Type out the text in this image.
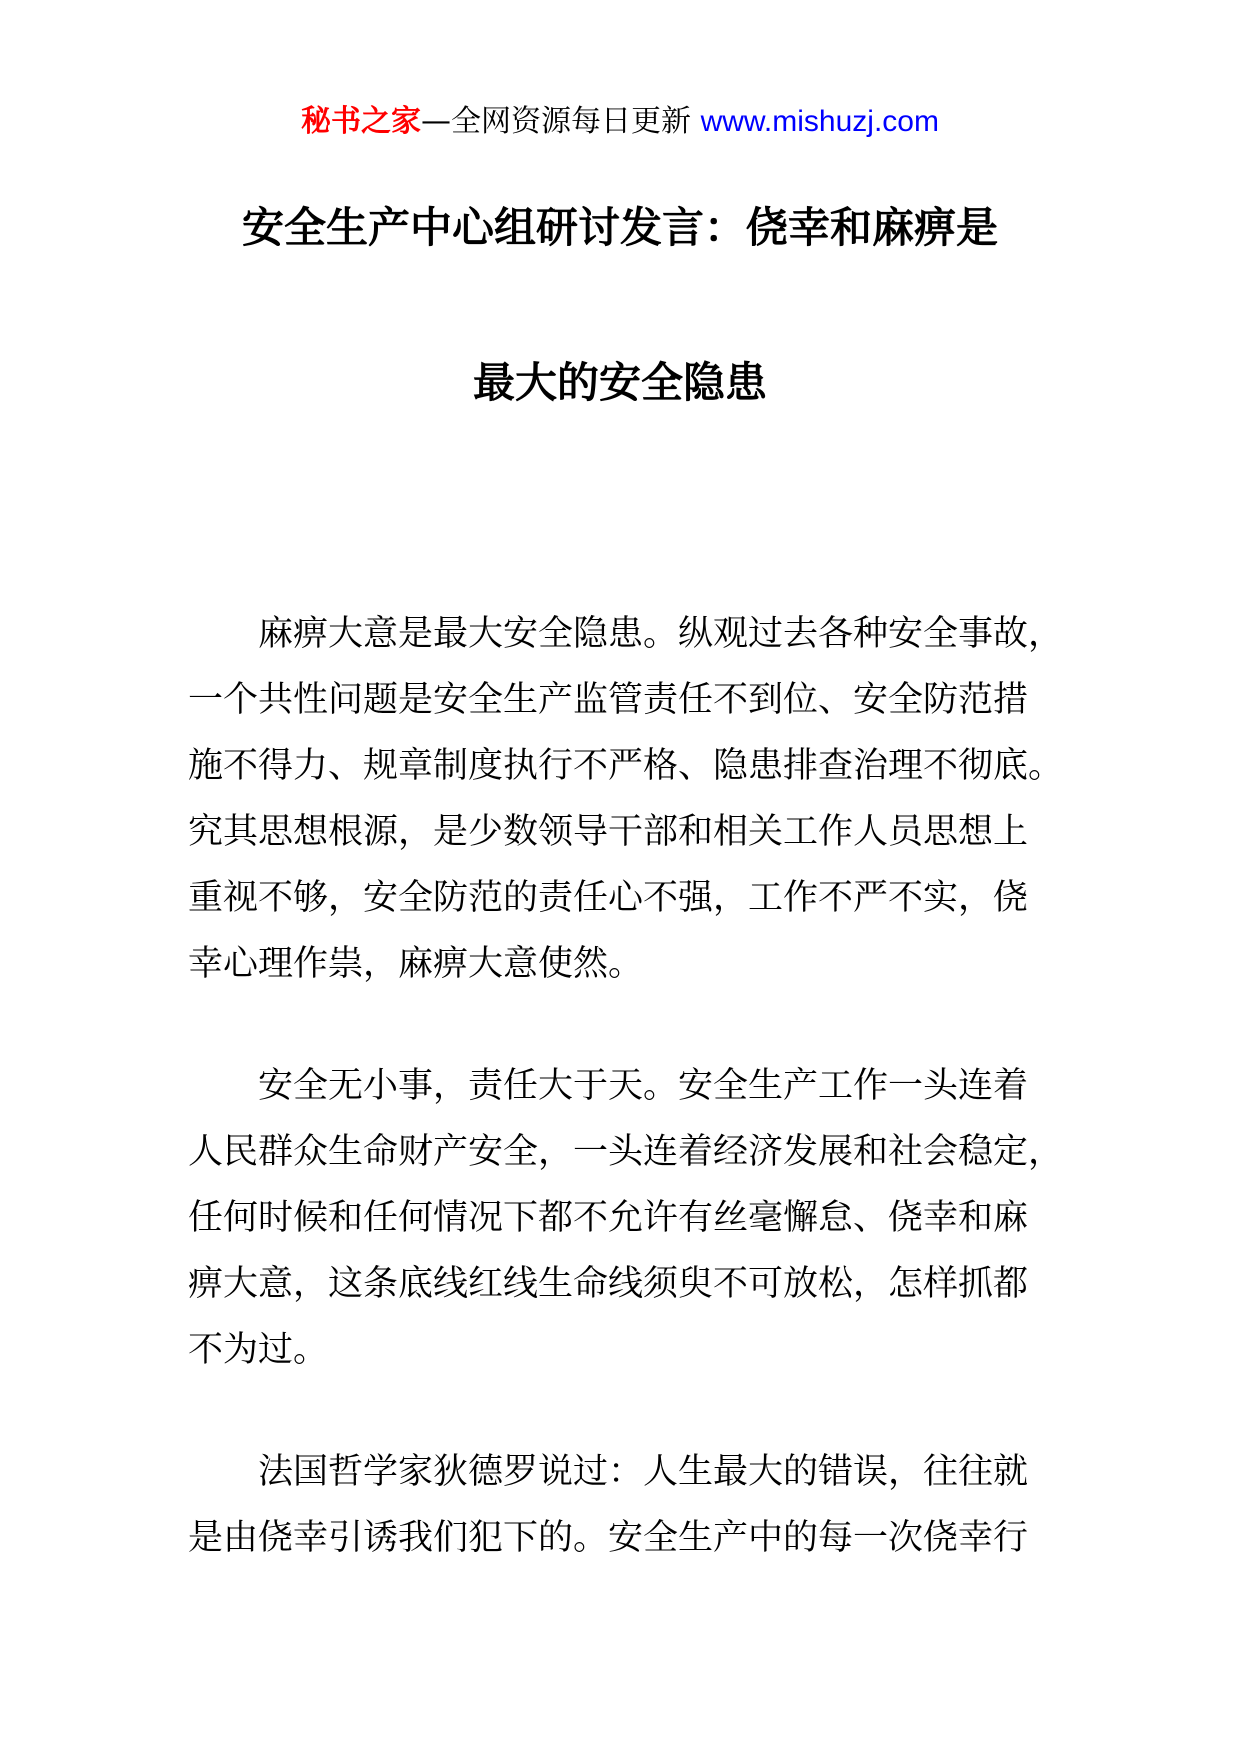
秘书之家—全网资源每日更新 www.mishuzj.com
安全生产中心组研讨发言：侥幸和麻痹是
最大的安全隐患
麻痹大意是最大安全隐患。纵观过去各种安全事故，
一个共性问题是安全生产监管责任不到位、安全防范措
施不得力、规章制度执行不严格、隐患排查治理不彻底。
究其思想根源，是少数领导干部和相关工作人员思想上
重视不够，安全防范的责任心不强，工作不严不实，侥
幸心理作祟，麻痹大意使然。
安全无小事，责任大于天。安全生产工作一头连着
人民群众生命财产安全，一头连着经济发展和社会稳定，
任何时候和任何情况下都不允许有丝毫懈怠、侥幸和麻
痹大意，这条底线红线生命线须臾不可放松，怎样抓都
不为过。
法国哲学家狄德罗说过：人生最大的错误，往往就
是由侥幸引诱我们犯下的。安全生产中的每一次侥幸行
